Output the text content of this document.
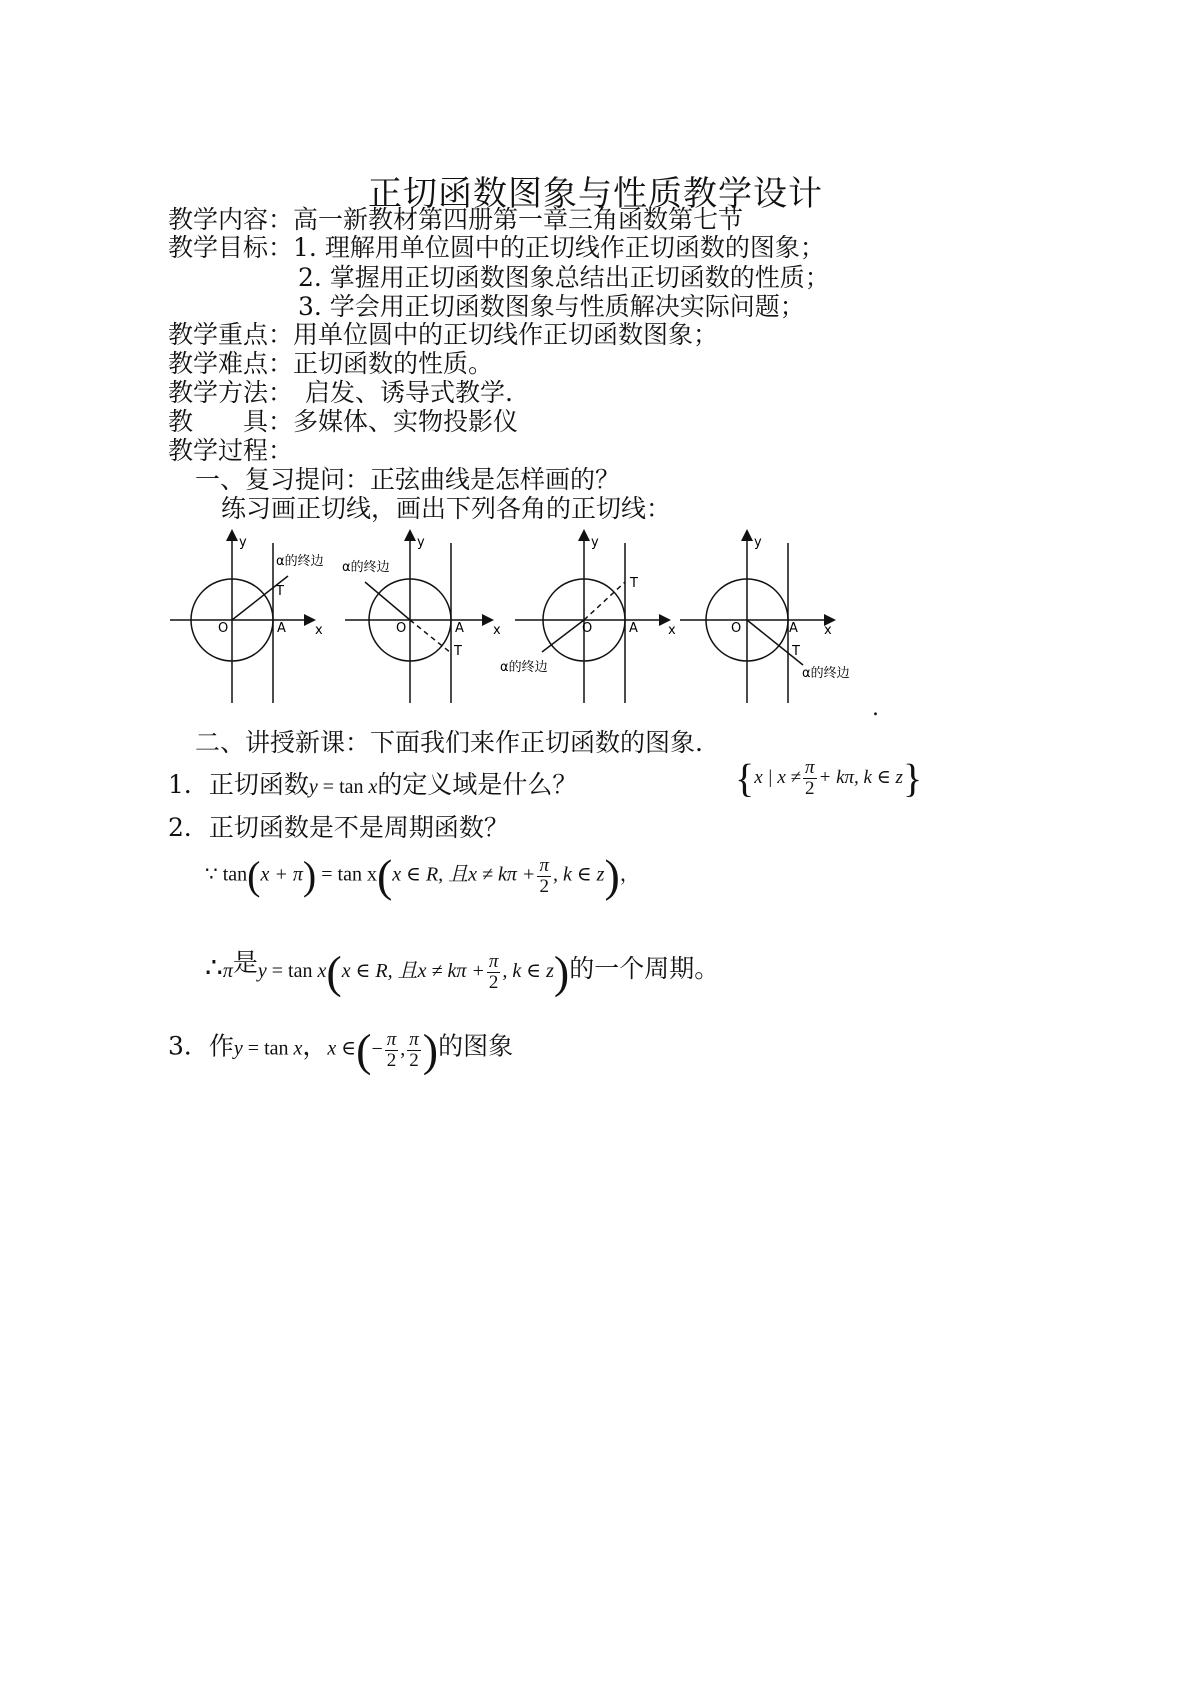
正切函数图象与性质教学设计
教学内容：高一新教材第四册第一章三角函数第七节
教学目标：1. 理解用单位圆中的正切线作正切函数的图象；
2. 掌握用正切函数图象总结出正切函数的性质；
3. 学会用正切函数图象与性质解决实际问题；
教学重点：用单位圆中的正切线作正切函数图象；
教学难点：正切函数的性质。
教学方法： 启发、诱导式教学.
教　　具：多媒体、实物投影仪
教学过程：
一、复习提问：正弦曲线是怎样画的？
练习画正切线，画出下列各角的正切线：
y
x
O	A
T
α的终边
y
x
O	A
T
α的终边
y
x
O	A
T
α的终边
y
x
O	A
T
α的终边
.
二、讲授新课：下面我们来作正切函数的图象.
1．正切函数y = tan x的定义域是什么？	{x | $x \ne \frac{\pi}{2} + k\pi$, k ∈ z}
2．正切函数是不是周期函数？
∵ tan(x + π) = tan x(x ∈ R, 且$x \ne k\pi + \frac{\pi}{2}$ , k ∈ z)，
∴π是y = tan x(x ∈ R, 且$x \ne k\pi + \frac{\pi}{2}$ , k ∈ z)的一个周期。
3．作y = tan x，x ∈(− $\frac{\pi}{2}$ , $\frac{\pi}{2}$ )的图象
